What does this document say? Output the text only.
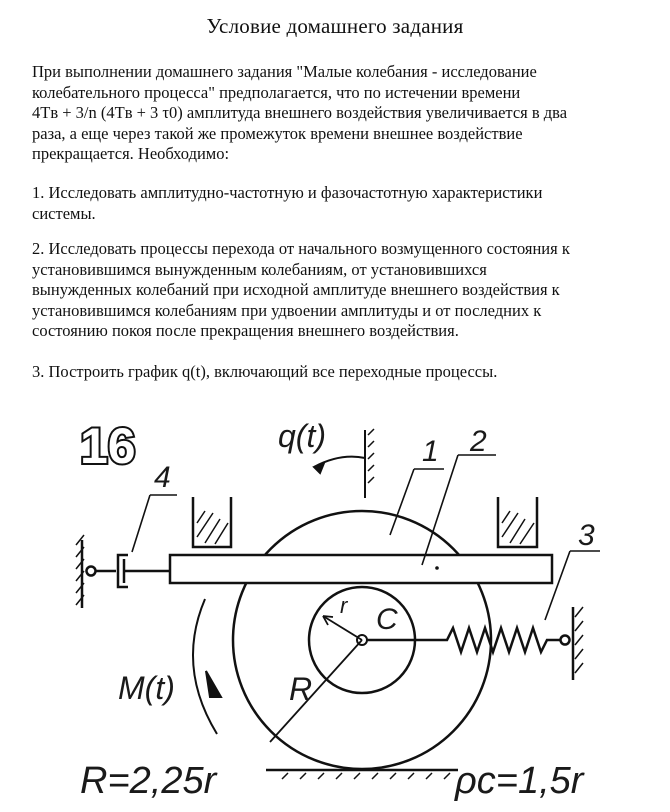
Условие домашнего задания
При выполнении домашнего задания "Малые колебания - исследование
колебательного процесса" предполагается, что по истечении времени
4Tв + 3/n (4Tв + 3 τ0) амплитуда внешнего воздействия увеличивается в два
раза, а еще через такой же промежуток времени внешнее воздействие
прекращается. Необходимо:
1. Исследовать амплитудно-частотную и фазочастотную характеристики
системы.
2. Исследовать процессы перехода от начального возмущенного состояния к
установившимся вынужденным колебаниям, от установившихся
вынужденных колебаний при исходной амплитуде внешнего воздействия к
установившимся колебаниям при удвоении амплитуды и от последних к
состоянию покоя после прекращения внешнего воздействия.
3. Построить график q(t), включающий все переходные процессы.
16	q(t)
M(t)
1 2
3
4
r C
R
R=2,25r	ρc=1,5r
